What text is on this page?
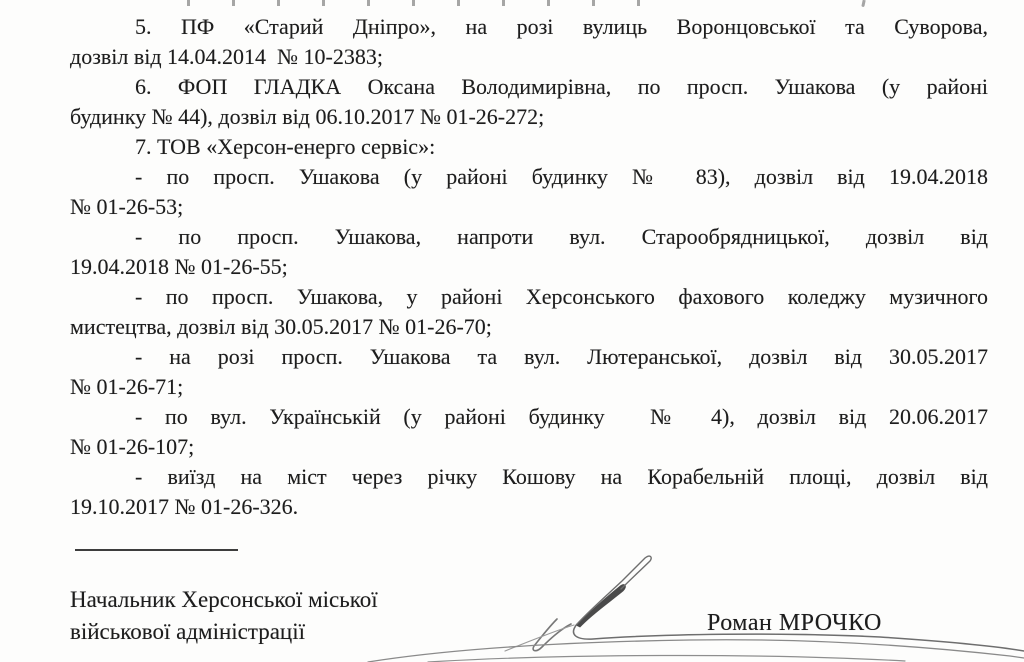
5. ПФ «Старий Дніпро», на розі вулиць Воронцовської та Суворова,
дозвіл від 14.04.2014  № 10-2383;
6. ФОП ГЛАДКА Оксана Володимирівна, по просп. Ушакова (у районі
будинку № 44), дозвіл від 06.10.2017 № 01-26-272;
7. ТОВ «Херсон-енерго сервіс»:
- по просп. Ушакова (у районі будинку № 83), дозвіл від 19.04.2018
№ 01-26-53;
- по просп. Ушакова, напроти вул. Старообрядницької, дозвіл від
19.04.2018 № 01-26-55;
- по просп. Ушакова, у районі Херсонського фахового коледжу музичного
мистецтва, дозвіл від 30.05.2017 № 01-26-70;
- на розі просп. Ушакова та вул. Лютеранської, дозвіл від 30.05.2017
№ 01-26-71;
- по вул. Українській (у районі будинку  № 4), дозвіл від 20.06.2017
№ 01-26-107;
- виїзд на міст через річку Кошову на Корабельній площі, дозвіл від
19.10.2017 № 01-26-326.
Начальник Херсонської міської
військової адміністрації	Роман МРОЧКО
